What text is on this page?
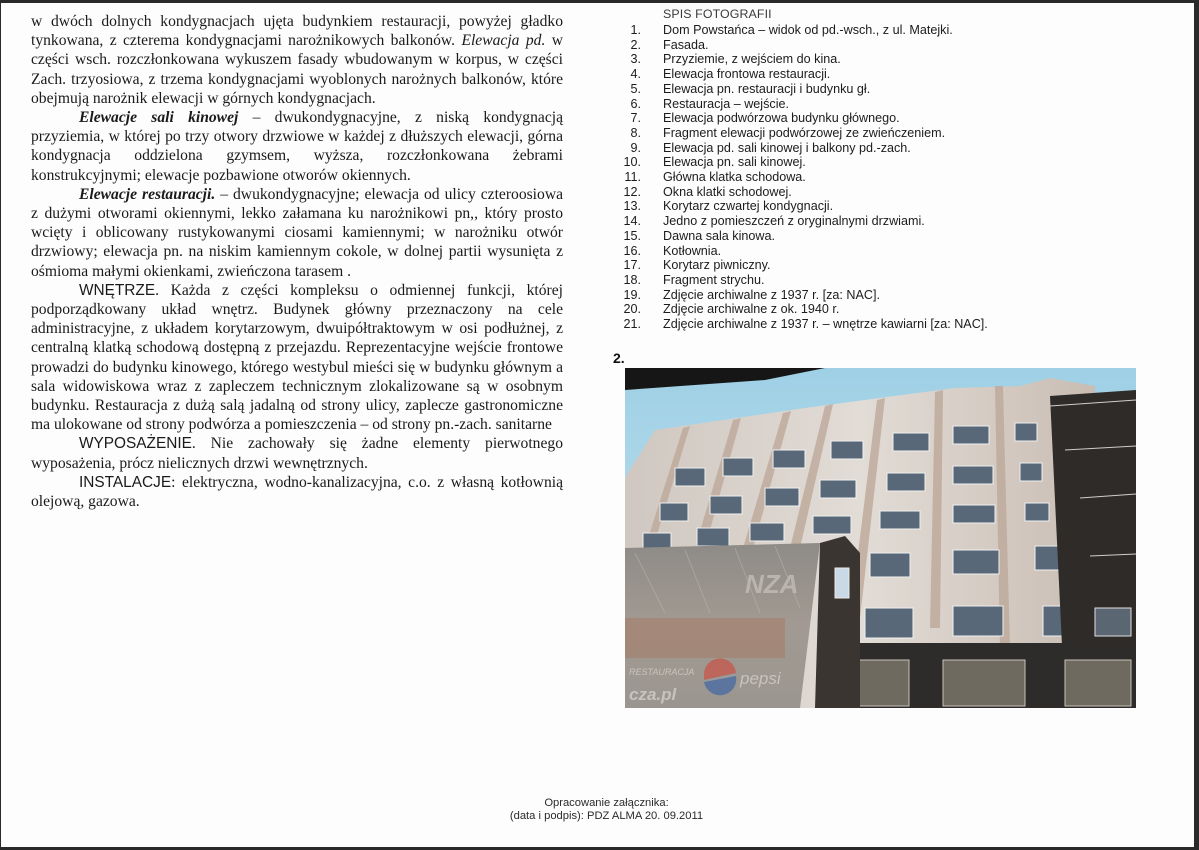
w dwóch dolnych kondygnacjach ujęta budynkiem restauracji, powyżej gładko tynkowana, z czterema kondygnacjami narożnikowych balkonów. Elewacja pd. w części wsch. rozczłonkowana wykuszem fasady wbudowanym w korpus, w części Zach. trzyosiowa, z trzema kondygnacjami wyoblonych narożnych balkonów, które obejmują narożnik elewacji w górnych kondygnacjach.

Elewacje sali kinowej – dwukondygnacyjne, z niską kondygnacją przyziemia, w której po trzy otwory drzwiowe w każdej z dłuższych elewacji, górna kondygnacja oddzielona gzymsem, wyższa, rozczłonkowana żebrami konstrukcyjnymi; elewacje pozbawione otworów okiennych.

Elewacje restauracji. – dwukondygnacyjne; elewacja od ulicy czteroosiowa z dużymi otworami okiennymi, lekko załamana ku narożnikowi pn,, który prosto wcięty i oblicowany rustykowanymi ciosami kamiennymi; w narożniku otwór drzwiowy; elewacja pn. na niskim kamiennym cokole, w dolnej partii wysunięta z ośmioma małymi okienkami, zwieńczona tarasem .

WNĘTRZE. Każda z części kompleksu o odmiennej funkcji, której podporządkowany układ wnętrz. Budynek główny przeznaczony na cele administracyjne, z układem korytarzowym, dwuipółtraktowym w osi podłużnej, z centralną klatką schodową dostępną z przejazdu. Reprezentacyjne wejście frontowe prowadzi do budynku kinowego, którego westybul mieści się w budynku głównym a sala widowiskowa wraz z zapleczem technicznym zlokalizowane są w osobnym budynku. Restauracja z dużą salą jadalną od strony ulicy, zaplecze gastronomiczne ma ulokowane od strony podwórza a pomieszczenia – od strony pn.-zach. sanitarne

WYPOSAŻENIE. Nie zachowały się żadne elementy pierwotnego wyposażenia, prócz nielicznych drzwi wewnętrznych.

INSTALACJE: elektryczna, wodno-kanalizacyjna, c.o. z własną kotłownią olejową, gazowa.

SPIS FOTOGRAFII
1. Dom Powstańca – widok od pd.-wsch., z ul. Matejki.
2. Fasada.
3. Przyziemie, z wejściem do kina.
4. Elewacja frontowa restauracji.
5. Elewacja pn. restauracji i budynku gł.
6. Restauracja – wejście.
7. Elewacja podwórzowa budynku głównego.
8. Fragment elewacji podwórzowej ze zwieńczeniem.
9. Elewacja pd. sali kinowej i balkony pd.-zach.
10. Elewacja pn. sali kinowej.
11. Główna klatka schodowa.
12. Okna klatki schodowej.
13. Korytarz czwartej kondygnacji.
14. Jedno z pomieszczeń z oryginalnymi drzwiami.
15. Dawna sala kinowa.
16. Kotłownia.
17. Korytarz piwniczny.
18. Fragment strychu.
19. Zdjęcie archiwalne z 1937 r. [za: NAC].
20. Zdjęcie archiwalne z ok. 1940 r.
21. Zdjęcie archiwalne z 1937 r. – wnętrze kawiarni [za: NAC].
2.
NZA
RESTAURACJA	pepsi
cza.pl
Opracowanie załącznika:
(data i podpis): PDZ ALMA 20. 09.2011
